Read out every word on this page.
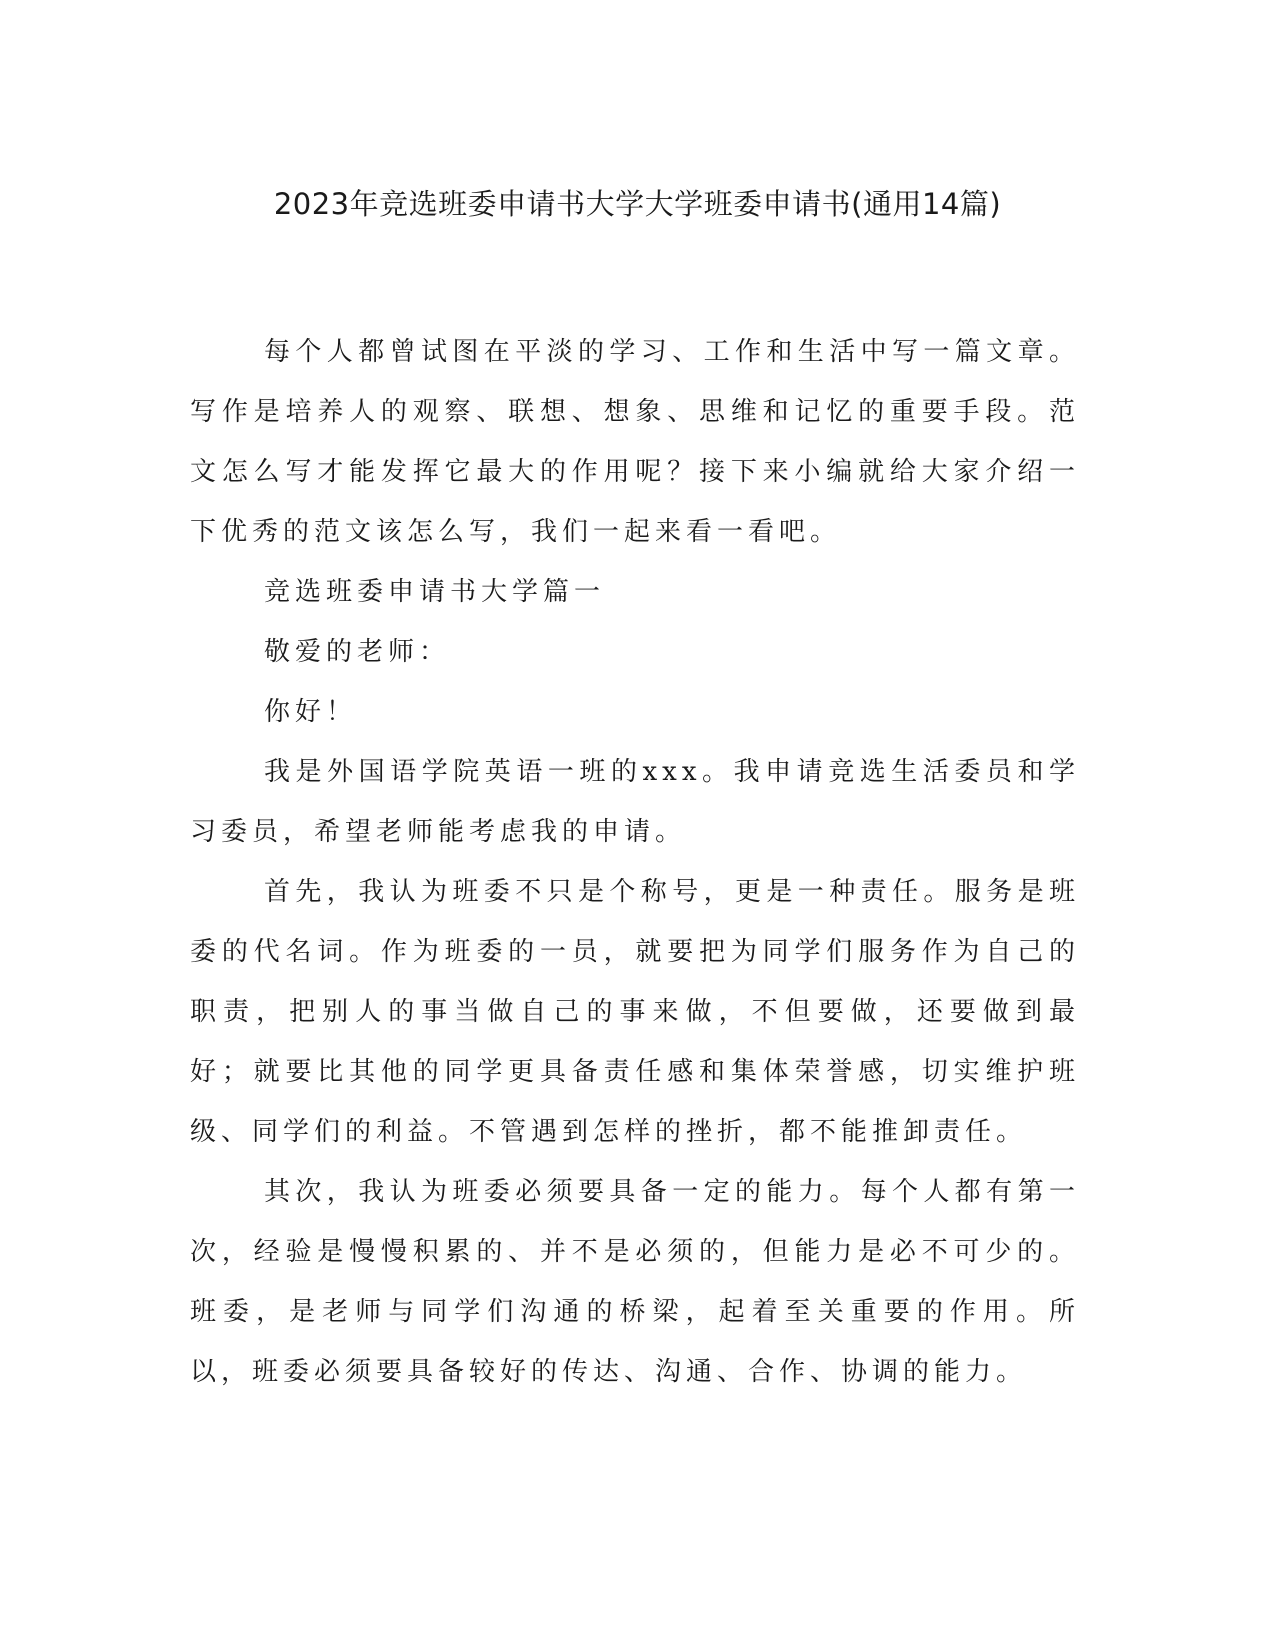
2023年竞选班委申请书大学大学班委申请书(通用14篇)

每个人都曾试图在平淡的学习、工作和生活中写一篇文章。写作是培养人的观察、联想、想象、思维和记忆的重要手段。范文怎么写才能发挥它最大的作用呢？接下来小编就给大家介绍一下优秀的范文该怎么写，我们一起来看一看吧。

竞选班委申请书大学篇一

敬爱的老师：

你好！

我是外国语学院英语一班的xxx。我申请竞选生活委员和学习委员，希望老师能考虑我的申请。

首先，我认为班委不只是个称号，更是一种责任。服务是班委的代名词。作为班委的一员，就要把为同学们服务作为自己的职责，把别人的事当做自己的事来做，不但要做，还要做到最好；就要比其他的同学更具备责任感和集体荣誉感，切实维护班级、同学们的利益。不管遇到怎样的挫折，都不能推卸责任。

其次，我认为班委必须要具备一定的能力。每个人都有第一次，经验是慢慢积累的、并不是必须的，但能力是必不可少的。班委，是老师与同学们沟通的桥梁，起着至关重要的作用。所以，班委必须要具备较好的传达、沟通、合作、协调的能力。
